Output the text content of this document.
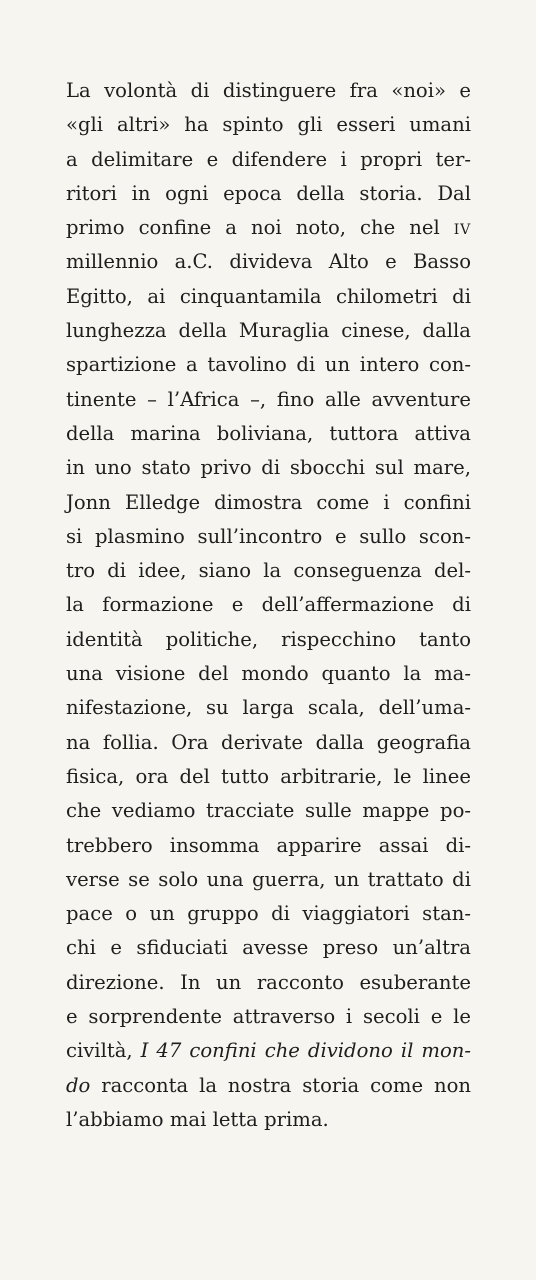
La volontà di distinguere fra «noi» e
«gli altri» ha spinto gli esseri umani
a delimitare e difendere i propri ter-
ritori in ogni epoca della storia. Dal
primo confine a noi noto, che nel iv
millennio a.C. divideva Alto e Basso
Egitto, ai cinquantamila chilometri di
lunghezza della Muraglia cinese, dalla
spartizione a tavolino di un intero con-
tinente – l’Africa –, fino alle avventure
della marina boliviana, tuttora attiva
in uno stato privo di sbocchi sul mare,
Jonn Elledge dimostra come i confini
si plasmino sull’incontro e sullo scon-
tro di idee, siano la conseguenza del-
la formazione e dell’affermazione di
identità politiche, rispecchino tanto
una visione del mondo quanto la ma-
nifestazione, su larga scala, dell’uma-
na follia. Ora derivate dalla geografia
fisica, ora del tutto arbitrarie, le linee
che vediamo tracciate sulle mappe po-
trebbero insomma apparire assai di-
verse se solo una guerra, un trattato di
pace o un gruppo di viaggiatori stan-
chi e sfiduciati avesse preso un’altra
direzione. In un racconto esuberante
e sorprendente attraverso i secoli e le
civiltà, I 47 confini che dividono il mon-
do racconta la nostra storia come non
l’abbiamo mai letta prima.
